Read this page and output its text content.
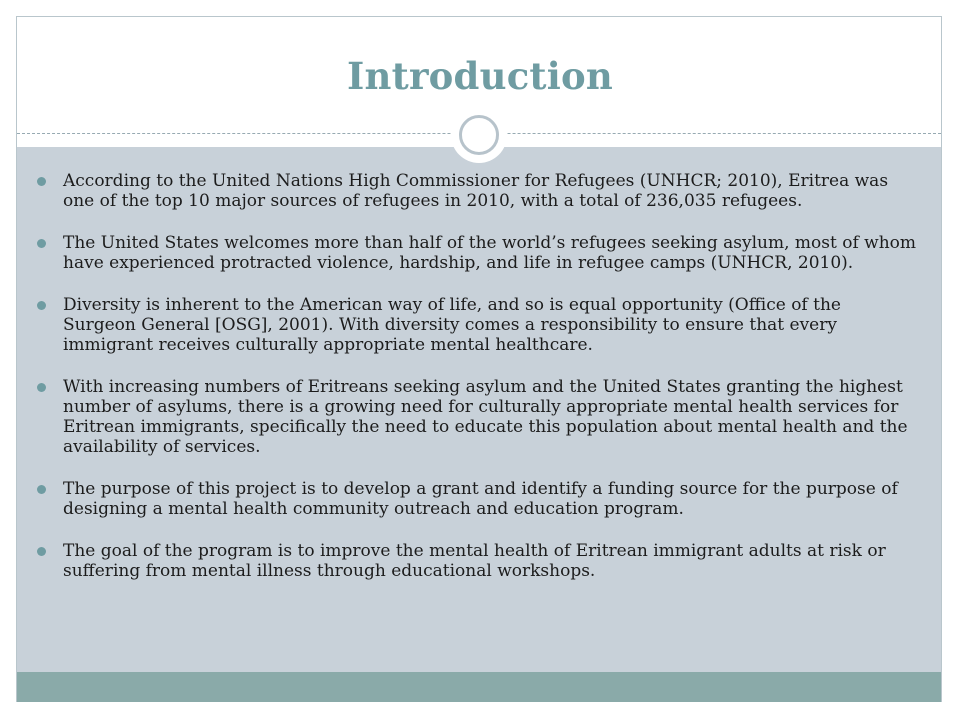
Introduction
According to the United Nations High Commissioner for Refugees (UNHCR; 2010), Eritrea was one of the top 10 major sources of refugees in 2010, with a total of 236,035 refugees.
The United States welcomes more than half of the world’s refugees seeking asylum, most of whom have experienced protracted violence, hardship, and life in refugee camps (UNHCR, 2010).
Diversity is inherent to the American way of life, and so is equal opportunity (Office of the Surgeon General [OSG], 2001). With diversity comes a responsibility to ensure that every immigrant receives culturally appropriate mental healthcare.
With increasing numbers of Eritreans seeking asylum and the United States granting the highest number of asylums, there is a growing need for culturally appropriate mental health services for Eritrean immigrants, specifically the need to educate this population about mental health and the availability of services.
The purpose of this project is to develop a grant and identify a funding source for the purpose of designing a mental health community outreach and education program.
The goal of the program is to improve the mental health of Eritrean immigrant adults at risk or suffering from mental illness through educational workshops.
